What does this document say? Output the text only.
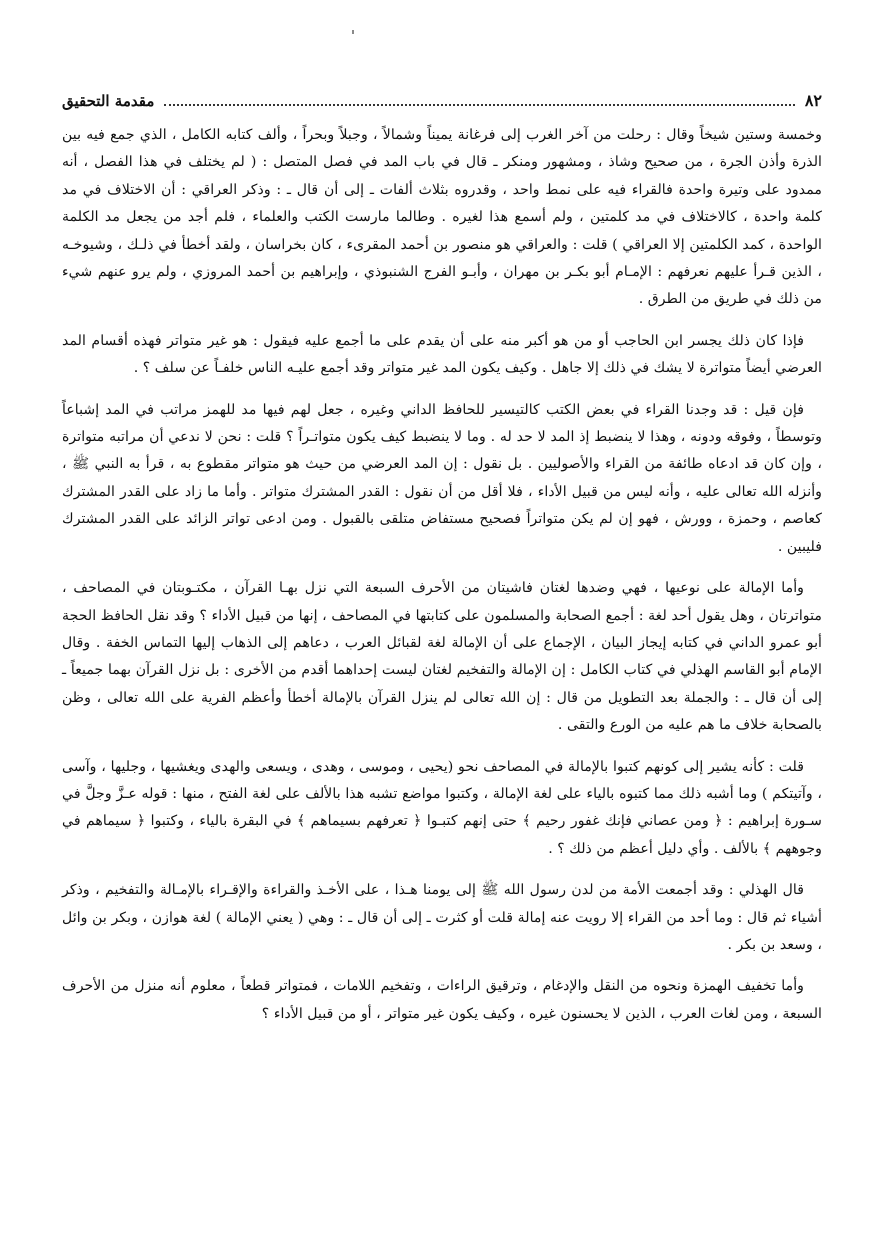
٨٢
مقدمة التحقيق

وخمسة وستين شيخاً وقال : رحلت من آخر الغرب إلى فرغانة يميناً وشمالاً ، وجبلاً وبحراً ، وألف كتابه الكامل ، الذي جمع فيه بين الذرة وأذن الجرة ، من صحيح وشاذ ، ومشهور ومنكر ـ قال في باب المد في فصل المتصل : ( لم يختلف في هذا الفصل ، أنه ممدود على وتيرة واحدة فالقراء فيه على نمط واحد ، وقدروه بثلاث ألفات ـ إلى أن قال ـ : وذكر العراقي : أن الاختلاف في مد كلمة واحدة ، كالاختلاف في مد كلمتين ، ولم أسمع هذا لغيره . وطالما مارست الكتب والعلماء ، فلم أجد من يجعل مد الكلمة الواحدة ، كمد الكلمتين إلا العراقي ) قلت : والعراقي هو منصور بن أحمد المقرىء ، كان بخراسان ، ولقد أخطأ في ذلـك ، وشيوخـه ، الذين قـرأ عليهم نعرفهم : الإمـام أبو بكـر بن مهران ، وأبـو الفرج الشنبوذي ، وإبراهيم بن أحمد المروزي ، ولم يرو عنهم شيء من ذلك في طريق من الطرق .

فإذا كان ذلك يجسر ابن الحاجب أو من هو أكبر منه على أن يقدم على ما أجمع عليه فيقول : هو غير متواتر فهذه أقسام المد العرضي أيضاً متواترة لا يشك في ذلك إلا جاهل . وكيف يكون المد غير متواتر وقد أجمع عليـه الناس خلفـاً عن سلف ؟ .

فإن قيل : قد وجدنا القراء في بعض الكتب كالتيسير للحافظ الداني وغيره ، جعل لهم فيها مد للهمز مراتب في المد إشباعاً وتوسطاً ، وفوقه ودونه ، وهذا لا ينضبط إذ المد لا حد له . وما لا ينضبط كيف يكون متواتـراً ؟ قلت : نحن لا ندعي أن مراتبه متواترة ، وإن كان قد ادعاه طائفة من القراء والأصوليين . بل نقول : إن المد العرضي من حيث هو متواتر مقطوع به ، قرأ به النبي ﷺ ، وأنزله الله تعالى عليه ، وأنه ليس من قبيل الأداء ، فلا أقل من أن نقول : القدر المشترك متواتر . وأما ما زاد على القدر المشترك كعاصم ، وحمزة ، وورش ، فهو إن لم يكن متواتراً فصحيح مستفاض متلقى بالقبول . ومن ادعى تواتر الزائد على القدر المشترك فليبين .

وأما الإمالة على نوعيها ، فهي وضدها لغتان فاشيتان من الأحرف السبعة التي نزل بهـا القرآن ، مكتـوبتان في المصاحف ، متواترتان ، وهل يقول أحد لغة : أجمع الصحابة والمسلمون على كتابتها في المصاحف ، إنها من قبيل الأداء ؟ وقد نقل الحافظ الحجة أبو عمرو الداني في كتابه إيجاز البيان ، الإجماع على أن الإمالة لغة لقبائل العرب ، دعاهم إلى الذهاب إليها التماس الخفة . وقال الإمام أبو القاسم الهذلي في كتاب الكامل : إن الإمالة والتفخيم لغتان ليست إحداهما أقدم من الأخرى : بل نزل القرآن بهما جميعاً ـ إلى أن قال ـ : والجملة بعد التطويل من قال : إن الله تعالى لم ينزل القرآن بالإمالة أخطأ وأعظم الفرية على الله تعالى ، وظن بالصحابة خلاف ما هم عليه من الورع والتقى .

قلت : كأنه يشير إلى كونهم كتبوا بالإمالة في المصاحف نحو (يحيى ، وموسى ، وهدى ، ويسعى والهدى ويغشيها ، وجليها ، وآسى ، وآتيتكم ) وما أشبه ذلك مما كتبوه بالياء على لغة الإمالة ، وكتبوا مواضع تشبه هذا بالألف على لغة الفتح ، منها : قوله عـزَّ وجلَّ في سـورة إبراهيم : ﴿ ومن عصاني فإنك غفور رحيم ﴾ حتى إنهم كتبـوا ﴿ تعرفهم بسيماهم ﴾ في البقرة بالياء ، وكتبوا ﴿ سيماهم في وجوههم ﴾ بالألف . وأي دليل أعظم من ذلك ؟ .

قال الهذلي : وقد أجمعت الأمة من لدن رسول الله ﷺ إلى يومنا هـذا ، على الأخـذ والقراءة والإقـراء بالإمـالة والتفخيم ، وذكر أشياء ثم قال : وما أحد من القراء إلا رويت عنه إمالة قلت أو كثرت ـ إلى أن قال ـ : وهي ( يعني الإمالة ) لغة هوازن ، وبكر بن وائل ، وسعد بن بكر .

وأما تخفيف الهمزة ونحوه من النقل والإدغام ، وترقيق الراءات ، وتفخيم اللامات ، فمتواتر قطعاً ، معلوم أنه منزل من الأحرف السبعة ، ومن لغات العرب ، الذين لا يحسنون غيره ، وكيف يكون غير متواتر ، أو من قبيل الأداء ؟
